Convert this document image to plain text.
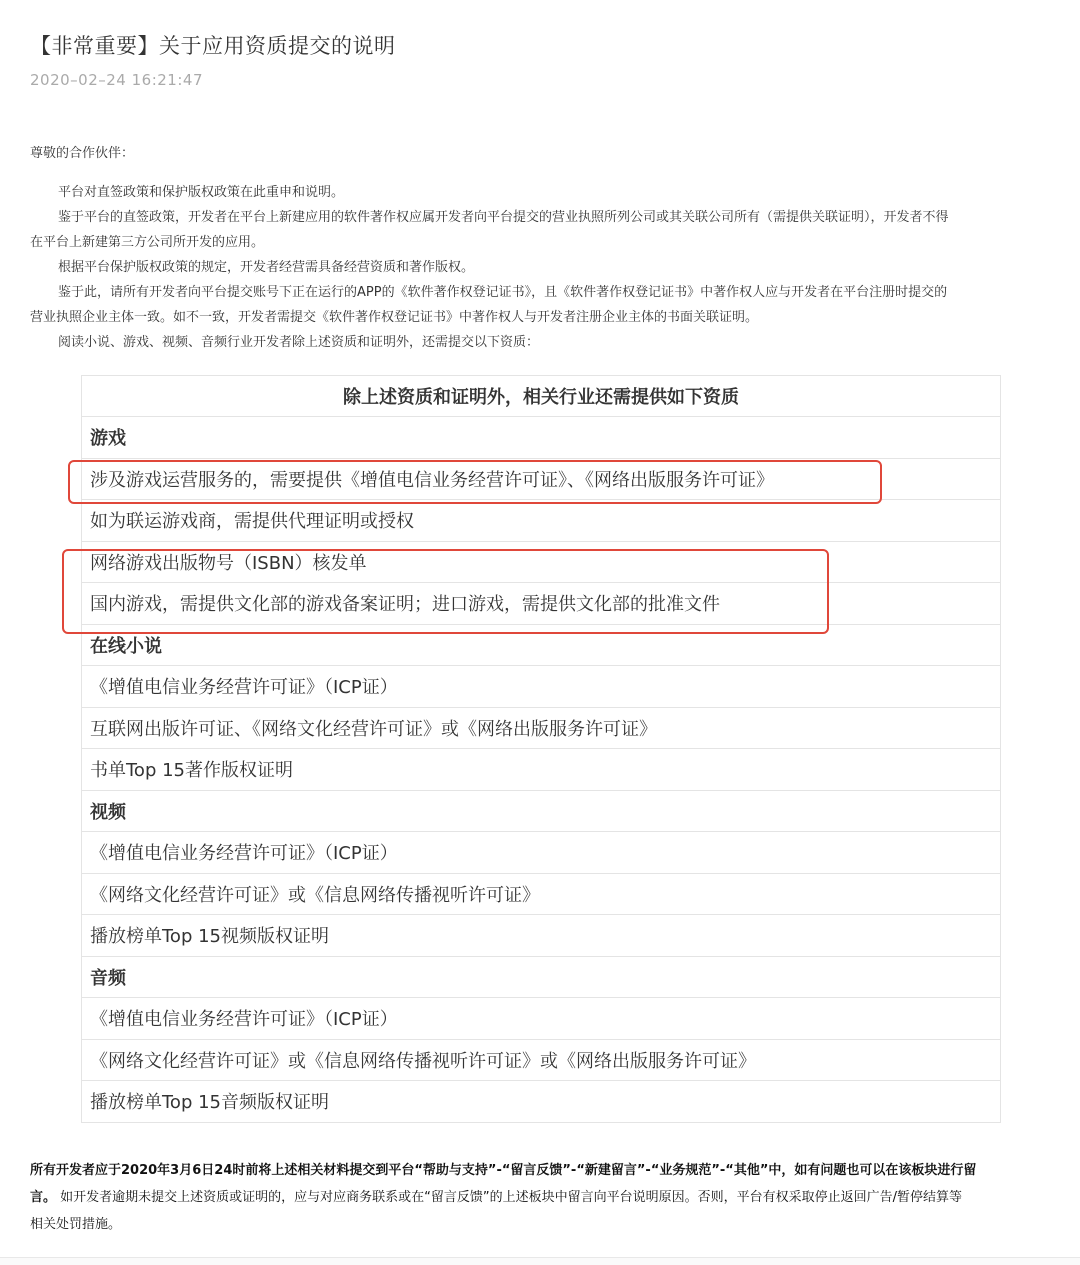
【非常重要】关于应用资质提交的说明
2020–02–24 16:21:47
尊敬的合作伙伴：

平台对直签政策和保护版权政策在此重申和说明。

鉴于平台的直签政策，开发者在平台上新建应用的软件著作权应属开发者向平台提交的营业执照所列公司或其关联公司所有（需提供关联证明），开发者不得

在平台上新建第三方公司所开发的应用。

根据平台保护版权政策的规定，开发者经营需具备经营资质和著作版权。

鉴于此，请所有开发者向平台提交账号下正在运行的APP的《软件著作权登记证书》，且《软件著作权登记证书》中著作权人应与开发者在平台注册时提交的

营业执照企业主体一致。如不一致，开发者需提交《软件著作权登记证书》中著作权人与开发者注册企业主体的书面关联证明。

阅读小说、游戏、视频、音频行业开发者除上述资质和证明外，还需提交以下资质：

除上述资质和证明外，相关行业还需提供如下资质
游戏
涉及游戏运营服务的，需要提供《增值电信业务经营许可证》、《网络出版服务许可证》
如为联运游戏商，需提供代理证明或授权
网络游戏出版物号（ISBN）核发单
国内游戏，需提供文化部的游戏备案证明；进口游戏，需提供文化部的批准文件
在线小说
《增值电信业务经营许可证》（ICP证）
互联网出版许可证、《网络文化经营许可证》或《网络出版服务许可证》
书单Top 15著作版权证明
视频
《增值电信业务经营许可证》（ICP证）
《网络文化经营许可证》或《信息网络传播视听许可证》
播放榜单Top 15视频版权证明
音频
《增值电信业务经营许可证》（ICP证）
《网络文化经营许可证》或《信息网络传播视听许可证》或《网络出版服务许可证》
播放榜单Top 15音频版权证明

所有开发者应于2020年3月6日24时前将上述相关材料提交到平台“帮助与支持”-“留言反馈”-“新建留言”-“业务规范”-“其他”中，如有问题也可以在该板块进行留

言。 如开发者逾期未提交上述资质或证明的，应与对应商务联系或在“留言反馈”的上述板块中留言向平台说明原因。否则，平台有权采取停止返回广告/暂停结算等

相关处罚措施。
